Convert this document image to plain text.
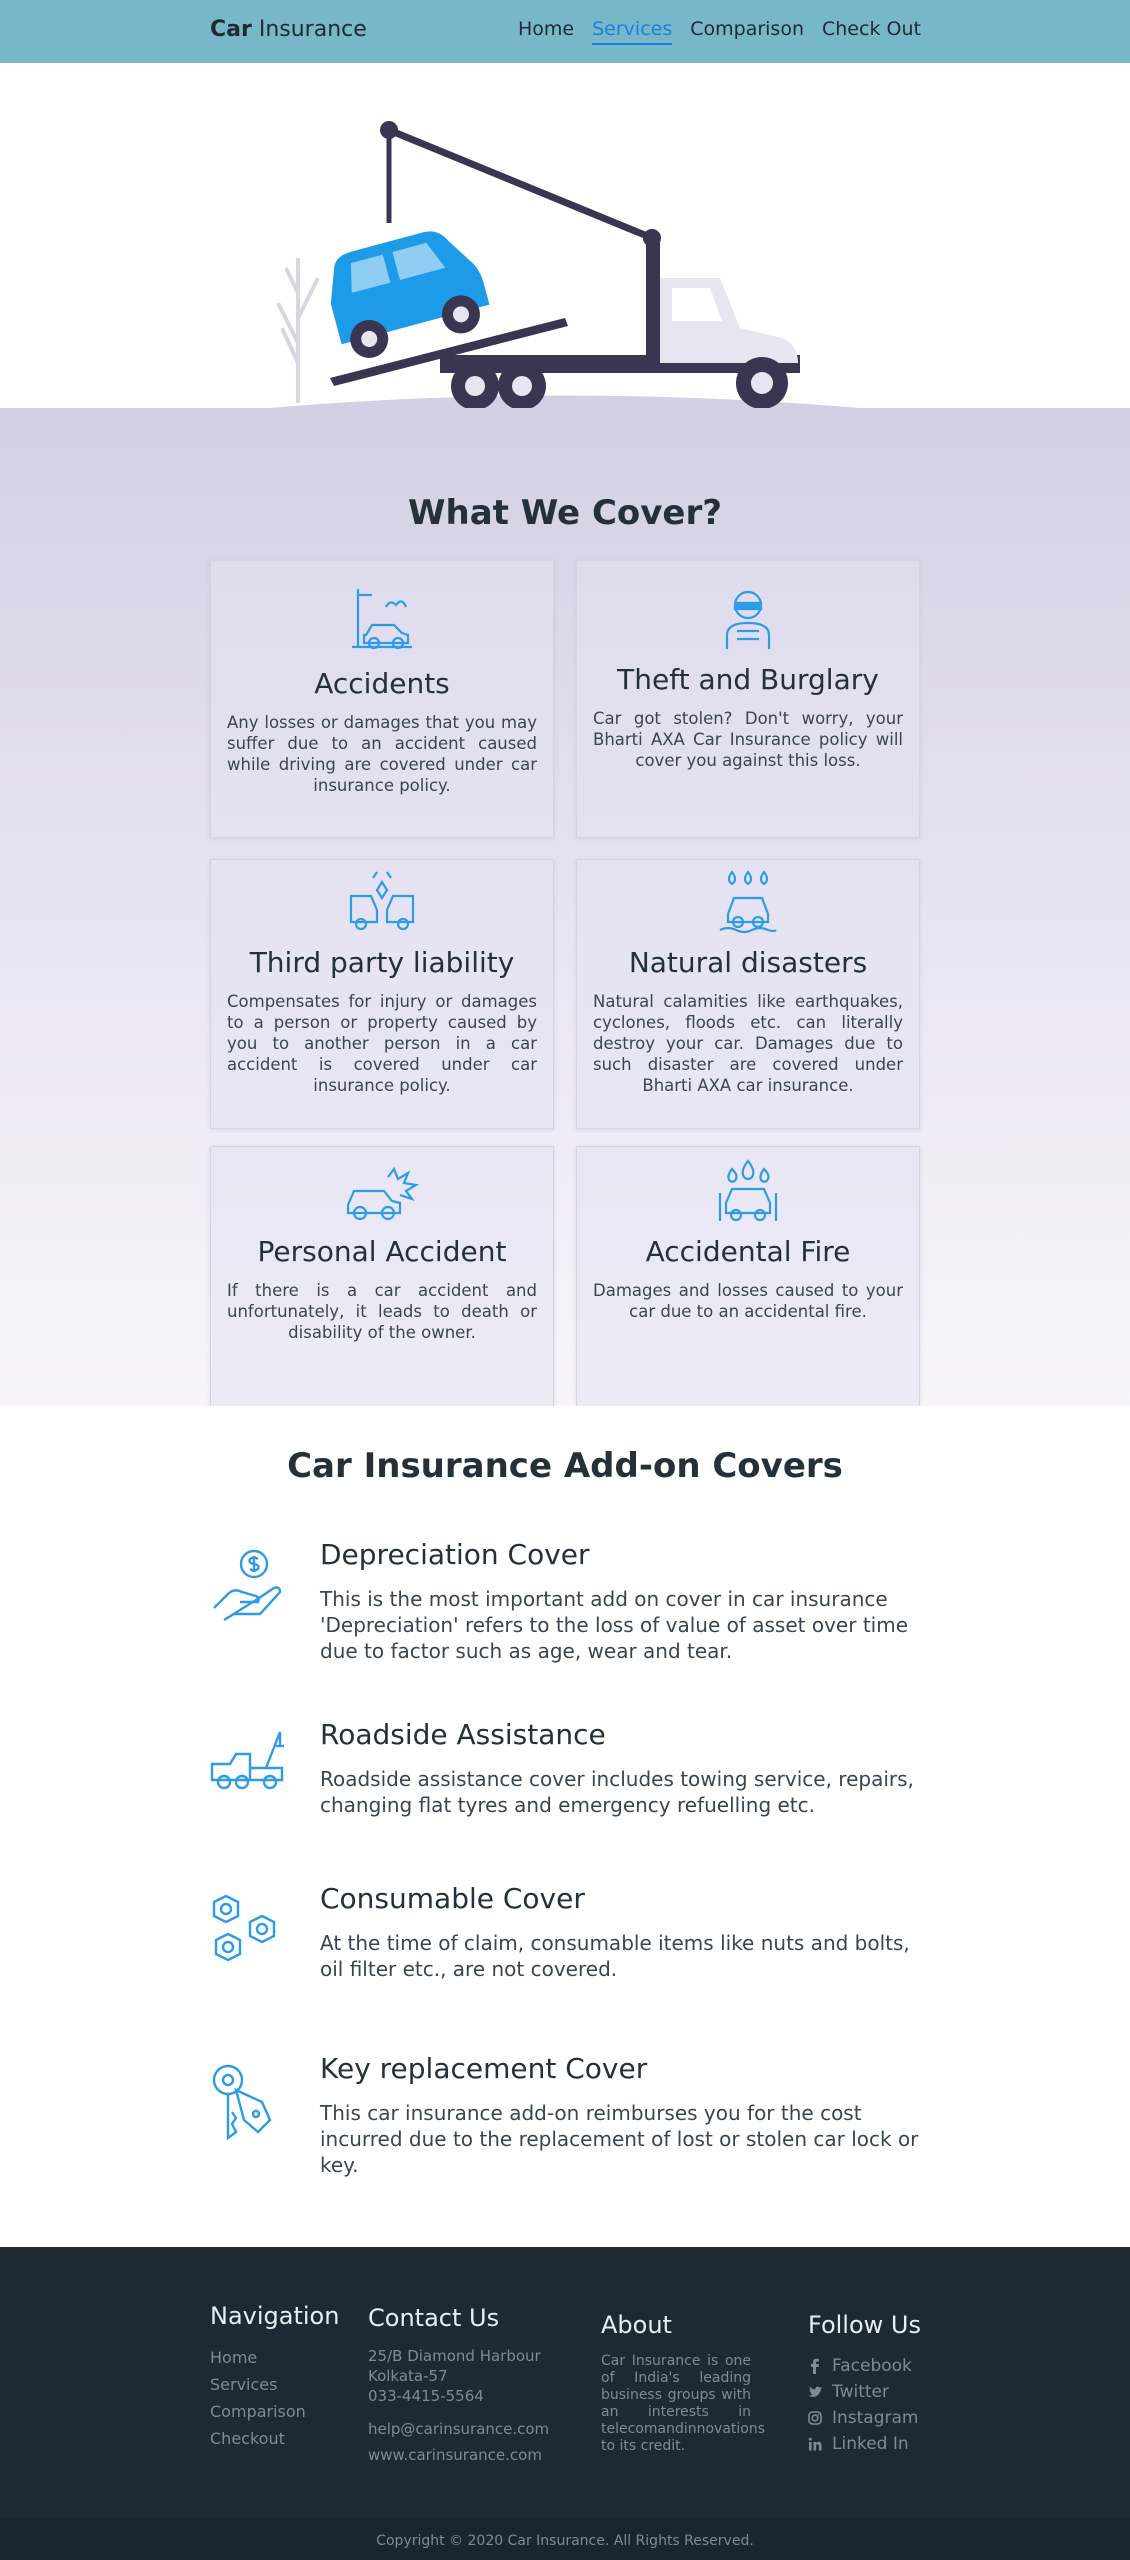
Car Insurance	Home Services Comparison Check Out
What We Cover?
Accidents

Any losses or damages that you may suffer due to an accident caused while driving are covered under car insurance policy.

Theft and Burglary

Car got stolen? Don't worry, your Bharti AXA Car Insurance policy will cover you against this loss.

Third party liability

Compensates for injury or damages to a person or property caused by you to another person in a car accident is covered under car insurance policy.

Natural disasters

Natural calamities like earthquakes, cyclones, floods etc. can literally destroy your car. Damages due to such disaster are covered under Bharti AXA car insurance.

Personal Accident

If there is a car accident and unfortunately, it leads to death or disability of the owner.

Accidental Fire

Damages and losses caused to your car due to an accidental fire.

Car Insurance Add-on Covers
Depreciation Cover

This is the most important add on cover in car insurance 'Depreciation' refers to the loss of value of asset over time due to factor such as age, wear and tear.

Roadside Assistance

Roadside assistance cover includes towing service, repairs, changing flat tyres and emergency refuelling etc.

Consumable Cover

At the time of claim, consumable items like nuts and bolts, oil filter etc., are not covered.

Key replacement Cover

This car insurance add-on reimburses you for the cost incurred due to the replacement of lost or stolen car lock or key.

Navigation
Home
Services
Comparison
Checkout
Contact Us
25/B Diamond Harbour
Kolkata-57
033-4415-5564
help@carinsurance.com
www.carinsurance.com
About
Car Insurance is one of India's leading business groups with an interests in telecomandinnovations to its credit.
Follow Us
Facebook
Twitter
Instagram
Linked In
Copyright © 2020 Car Insurance. All Rights Reserved.
